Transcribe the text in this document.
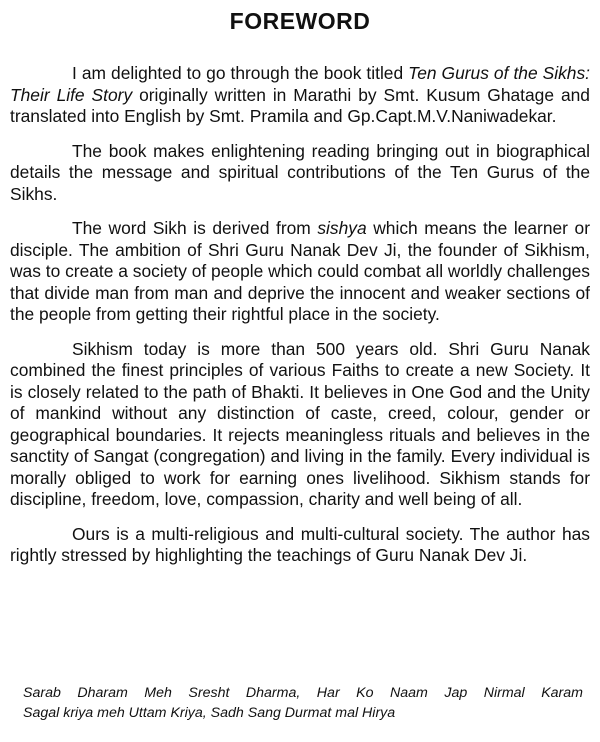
FOREWORD

I am delighted to go through the book titled Ten Gurus of the Sikhs: Their Life Story originally written in Marathi by Smt. Kusum Ghatage and translated into English by Smt. Pramila and Gp.Capt.M.V.Naniwadekar.

The book makes enlightening reading bringing out in biographical details the message and spiritual contributions of the Ten Gurus of the Sikhs.

The word Sikh is derived from sishya which means the learner or disciple. The ambition of Shri Guru Nanak Dev Ji, the founder of Sikhism, was to create a society of people which could combat all worldly challenges that divide man from man and deprive the innocent and weaker sections of the people from getting their rightful place in the society.

Sikhism today is more than 500 years old. Shri Guru Nanak combined the finest principles of various Faiths to create a new Society. It is closely related to the path of Bhakti. It believes in One God and the Unity of mankind without any distinction of caste, creed, colour, gender or geographical boundaries. It rejects meaningless rituals and believes in the sanctity of Sangat (congregation) and living in the family. Every individual is morally obliged to work for earning ones livelihood. Sikhism stands for discipline, freedom, love, compassion, charity and well being of all.

Ours is a multi-religious and multi-cultural society. The author has rightly stressed by highlighting the teachings of Guru Nanak Dev Ji.

Sarab Dharam Meh Sresht Dharma, Har Ko Naam Jap Nirmal Karam
Sagal kriya meh Uttam Kriya, Sadh Sang Durmat mal Hirya
